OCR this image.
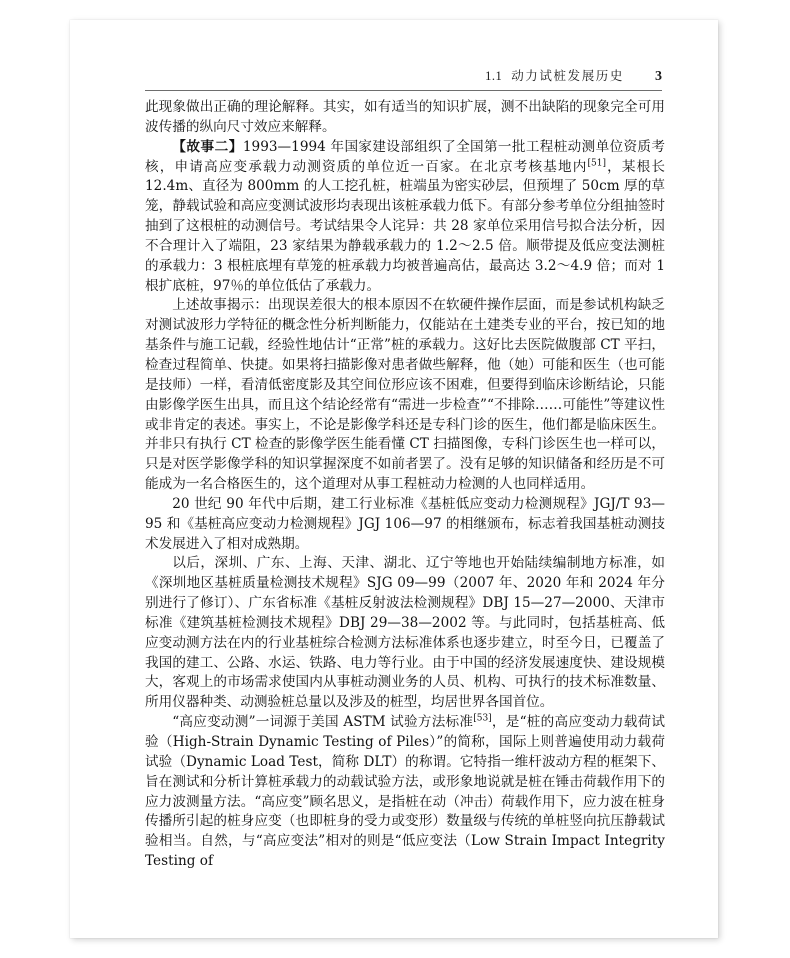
1.1 动力试桩发展历史	3

此现象做出正确的理论解释。其实，如有适当的知识扩展，测不出缺陷的现象完全可用波传播的纵向尺寸效应来解释。

【故事二】1993—1994 年国家建设部组织了全国第一批工程桩动测单位资质考核，申请高应变承载力动测资质的单位近一百家。在北京考核基地内[51]，某根长 12.4m、直径为 800mm 的人工挖孔桩，桩端虽为密实砂层，但预埋了 50cm 厚的草笼，静载试验和高应变测试波形均表现出该桩承载力低下。有部分参考单位分组抽签时抽到了这根桩的动测信号。考试结果令人诧异：共 28 家单位采用信号拟合法分析，因不合理计入了端阻，23 家结果为静载承载力的 1.2～2.5 倍。顺带提及低应变法测桩的承载力：3 根桩底埋有草笼的桩承载力均被普遍高估，最高达 3.2～4.9 倍；而对 1 根扩底桩，97％的单位低估了承载力。

上述故事揭示：出现误差很大的根本原因不在软硬件操作层面，而是参试机构缺乏对测试波形力学特征的概念性分析判断能力，仅能站在土建类专业的平台，按已知的地基条件与施工记载，经验性地估计“正常”桩的承载力。这好比去医院做腹部 CT 平扫，检查过程简单、快捷。如果将扫描影像对患者做些解释，他（她）可能和医生（也可能是技师）一样，看清低密度影及其空间位形应该不困难，但要得到临床诊断结论，只能由影像学医生出具，而且这个结论经常有“需进一步检查”“不排除……可能性”等建议性或非肯定的表述。事实上，不论是影像学科还是专科门诊的医生，他们都是临床医生。并非只有执行 CT 检查的影像学医生能看懂 CT 扫描图像，专科门诊医生也一样可以，只是对医学影像学科的知识掌握深度不如前者罢了。没有足够的知识储备和经历是不可能成为一名合格医生的，这个道理对从事工程桩动力检测的人也同样适用。

20 世纪 90 年代中后期，建工行业标准《基桩低应变动力检测规程》JGJ/T 93—95 和《基桩高应变动力检测规程》JGJ 106—97 的相继颁布，标志着我国基桩动测技术发展进入了相对成熟期。

以后，深圳、广东、上海、天津、湖北、辽宁等地也开始陆续编制地方标准，如《深圳地区基桩质量检测技术规程》SJG 09—99（2007 年、2020 年和 2024 年分别进行了修订）、广东省标准《基桩反射波法检测规程》DBJ 15—27—2000、天津市标准《建筑基桩检测技术规程》DBJ 29—38—2002 等。与此同时，包括基桩高、低应变动测方法在内的行业基桩综合检测方法标准体系也逐步建立，时至今日，已覆盖了我国的建工、公路、水运、铁路、电力等行业。由于中国的经济发展速度快、建设规模大，客观上的市场需求使国内从事桩动测业务的人员、机构、可执行的技术标准数量、所用仪器种类、动测验桩总量以及涉及的桩型，均居世界各国首位。

“高应变动测”一词源于美国 ASTM 试验方法标准[53]，是“桩的高应变动力载荷试验（High-Strain Dynamic Testing of Piles）”的简称，国际上则普遍使用动力载荷试验（Dynamic Load Test，简称 DLT）的称谓。它特指一维杆波动方程的框架下、旨在测试和分析计算桩承载力的动载试验方法，或形象地说就是桩在锤击荷载作用下的应力波测量方法。“高应变”顾名思义，是指桩在动（冲击）荷载作用下，应力波在桩身传播所引起的桩身应变（也即桩身的受力或变形）数量级与传统的单桩竖向抗压静载试验相当。自然，与“高应变法”相对的则是“低应变法（Low Strain Impact Integrity Testing of
